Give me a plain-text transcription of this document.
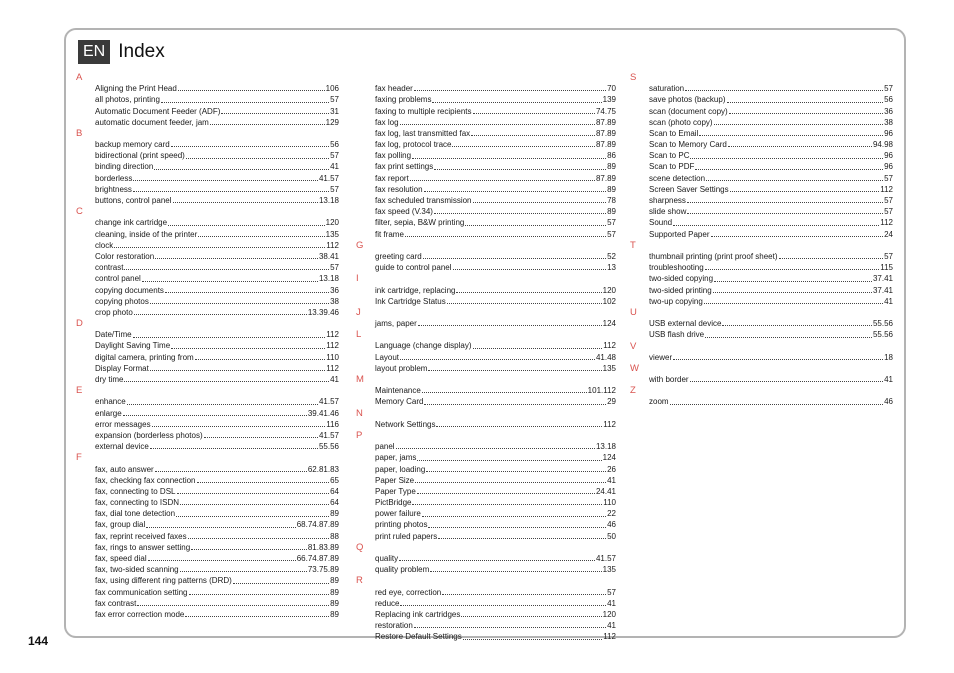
EN Index
A
Aligning the Print Head	106
all photos, printing	57
Automatic Document Feeder (ADF)	31
automatic document feeder, jam	129
B
backup memory card	56
bidirectional (print speed)	57
binding direction	41
borderless	41.57
brightness	57
buttons, control panel	13.18
C
change ink cartridge	120
cleaning, inside of the printer	135
clock	112
Color restoration	38.41
contrast	57
control panel	13.18
copying documents	36
copying photos	38
crop photo	13.39.46
D
Date/Time	112
Daylight Saving Time	112
digital camera, printing from	110
Display Format	112
dry time	41
E
enhance	41.57
enlarge	39.41.46
error messages	116
expansion (borderless photos)	41.57
external device	55.56
F
fax, auto answer	62.81.83
fax, checking fax connection	65
fax, connecting to DSL	64
fax, connecting to ISDN	64
fax, dial tone detection	89
fax, group dial	68.74.87.89
fax, reprint received faxes	88
fax, rings to answer setting	81.83.89
fax, speed dial	66.74.87.89
fax, two-sided scanning	73.75.89
fax, using different ring patterns (DRD)	89
fax communication setting	89
fax contrast	89
fax error correction mode	89
fax header	70
faxing problems	139
faxing to multiple recipients	74.75
fax log	87.89
fax log, last transmitted fax	87.89
fax log, protocol trace	87.89
fax polling	86
fax print settings	89
fax report	87.89
fax resolution	89
fax scheduled transmission	78
fax speed (V.34)	89
filter, sepia, B&W printing	57
fit frame	57
G
greeting card	52
guide to control panel	13
I
ink cartridge, replacing	120
Ink Cartridge Status	102
J
jams, paper	124
L
Language (change display)	112
Layout	41.48
layout problem	135
M
Maintenance	101.112
Memory Card	29
N
Network Settings	112
P
panel	13.18
paper, jams	124
paper, loading	26
Paper Size	41
Paper Type	24.41
PictBridge	110
power failure	22
printing photos	46
print ruled papers	50
Q
quality	41.57
quality problem	135
R
red eye, correction	57
reduce	41
Replacing ink cartridges	120
restoration	41
Restore Default Settings	112
S
saturation	57
save photos (backup)	56
scan (document copy)	36
scan (photo copy)	38
Scan to Email	96
Scan to Memory Card	94.98
Scan to PC	96
Scan to PDF	96
scene detection	57
Screen Saver Settings	112
sharpness	57
slide show	57
Sound	112
Supported Paper	24
T
thumbnail printing (print proof sheet)	57
troubleshooting	115
two-sided copying	37.41
two-sided printing	37.41
two-up copying	41
U
USB external device	55.56
USB flash drive	55.56
V
viewer	18
W
with border	41
Z
zoom	46
144
